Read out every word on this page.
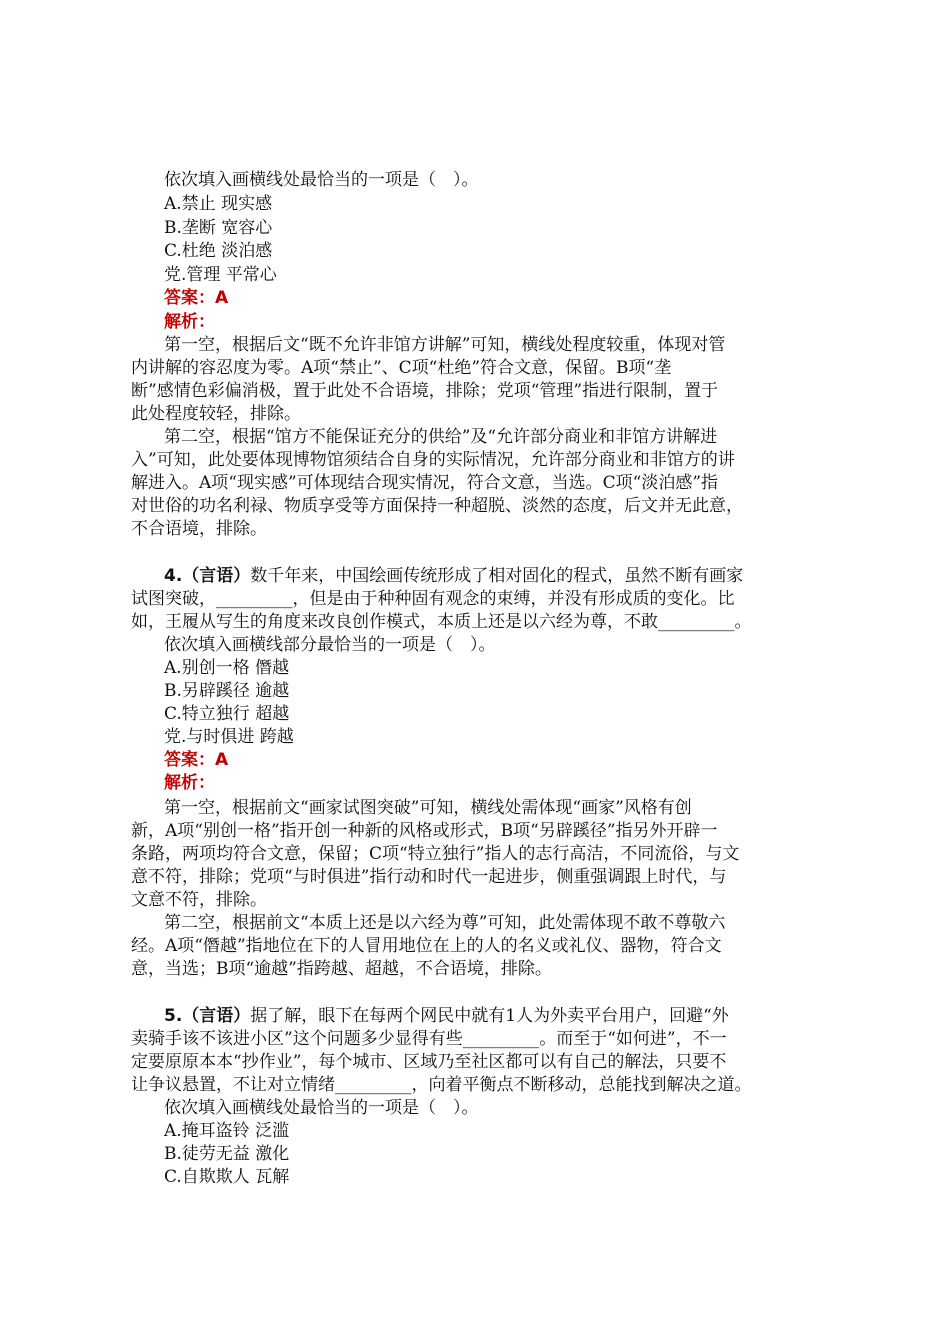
依次填入画横线处最恰当的一项是（　）。
A.禁止 现实感
B.垄断 宽容心
C.杜绝 淡泊感
党.管理 平常心
答案：A
解析：
第一空，根据后文“既不允许非馆方讲解”可知，横线处程度较重，体现对管
内讲解的容忍度为零。A项“禁止”、C项“杜绝”符合文意，保留。B项“垄
断”感情色彩偏消极，置于此处不合语境，排除；党项“管理”指进行限制，置于
此处程度较轻，排除。
第二空，根据“馆方不能保证充分的供给”及“允许部分商业和非馆方讲解进
入”可知，此处要体现博物馆须结合自身的实际情况，允许部分商业和非馆方的讲
解进入。A项“现实感”可体现结合现实情况，符合文意，当选。C项“淡泊感”指
对世俗的功名利禄、物质享受等方面保持一种超脱、淡然的态度，后文并无此意，
不合语境，排除。
4.（言语）数千年来，中国绘画传统形成了相对固化的程式，虽然不断有画家
试图突破，_________，但是由于种种固有观念的束缚，并没有形成质的变化。比
如，王履从写生的角度来改良创作模式，本质上还是以六经为尊，不敢_________。
依次填入画横线部分最恰当的一项是（　）。
A.别创一格 僭越
B.另辟蹊径 逾越
C.特立独行 超越
党.与时俱进 跨越
答案：A
解析：
第一空，根据前文“画家试图突破”可知，横线处需体现“画家”风格有创
新，A项“别创一格”指开创一种新的风格或形式，B项“另辟蹊径”指另外开辟一
条路，两项均符合文意，保留；C项“特立独行”指人的志行高洁，不同流俗，与文
意不符，排除；党项“与时俱进”指行动和时代一起进步，侧重强调跟上时代，与
文意不符，排除。
第二空，根据前文“本质上还是以六经为尊”可知，此处需体现不敢不尊敬六
经。A项“僭越”指地位在下的人冒用地位在上的人的名义或礼仪、器物，符合文
意，当选；B项“逾越”指跨越、超越，不合语境，排除。
5.（言语）据了解，眼下在每两个网民中就有1人为外卖平台用户，回避“外
卖骑手该不该进小区”这个问题多少显得有些_________。而至于“如何进”，不一
定要原原本本“抄作业”，每个城市、区域乃至社区都可以有自己的解法，只要不
让争议悬置，不让对立情绪_________，向着平衡点不断移动，总能找到解决之道。
依次填入画横线处最恰当的一项是（　）。
A.掩耳盗铃 泛滥
B.徒劳无益 激化
C.自欺欺人 瓦解
